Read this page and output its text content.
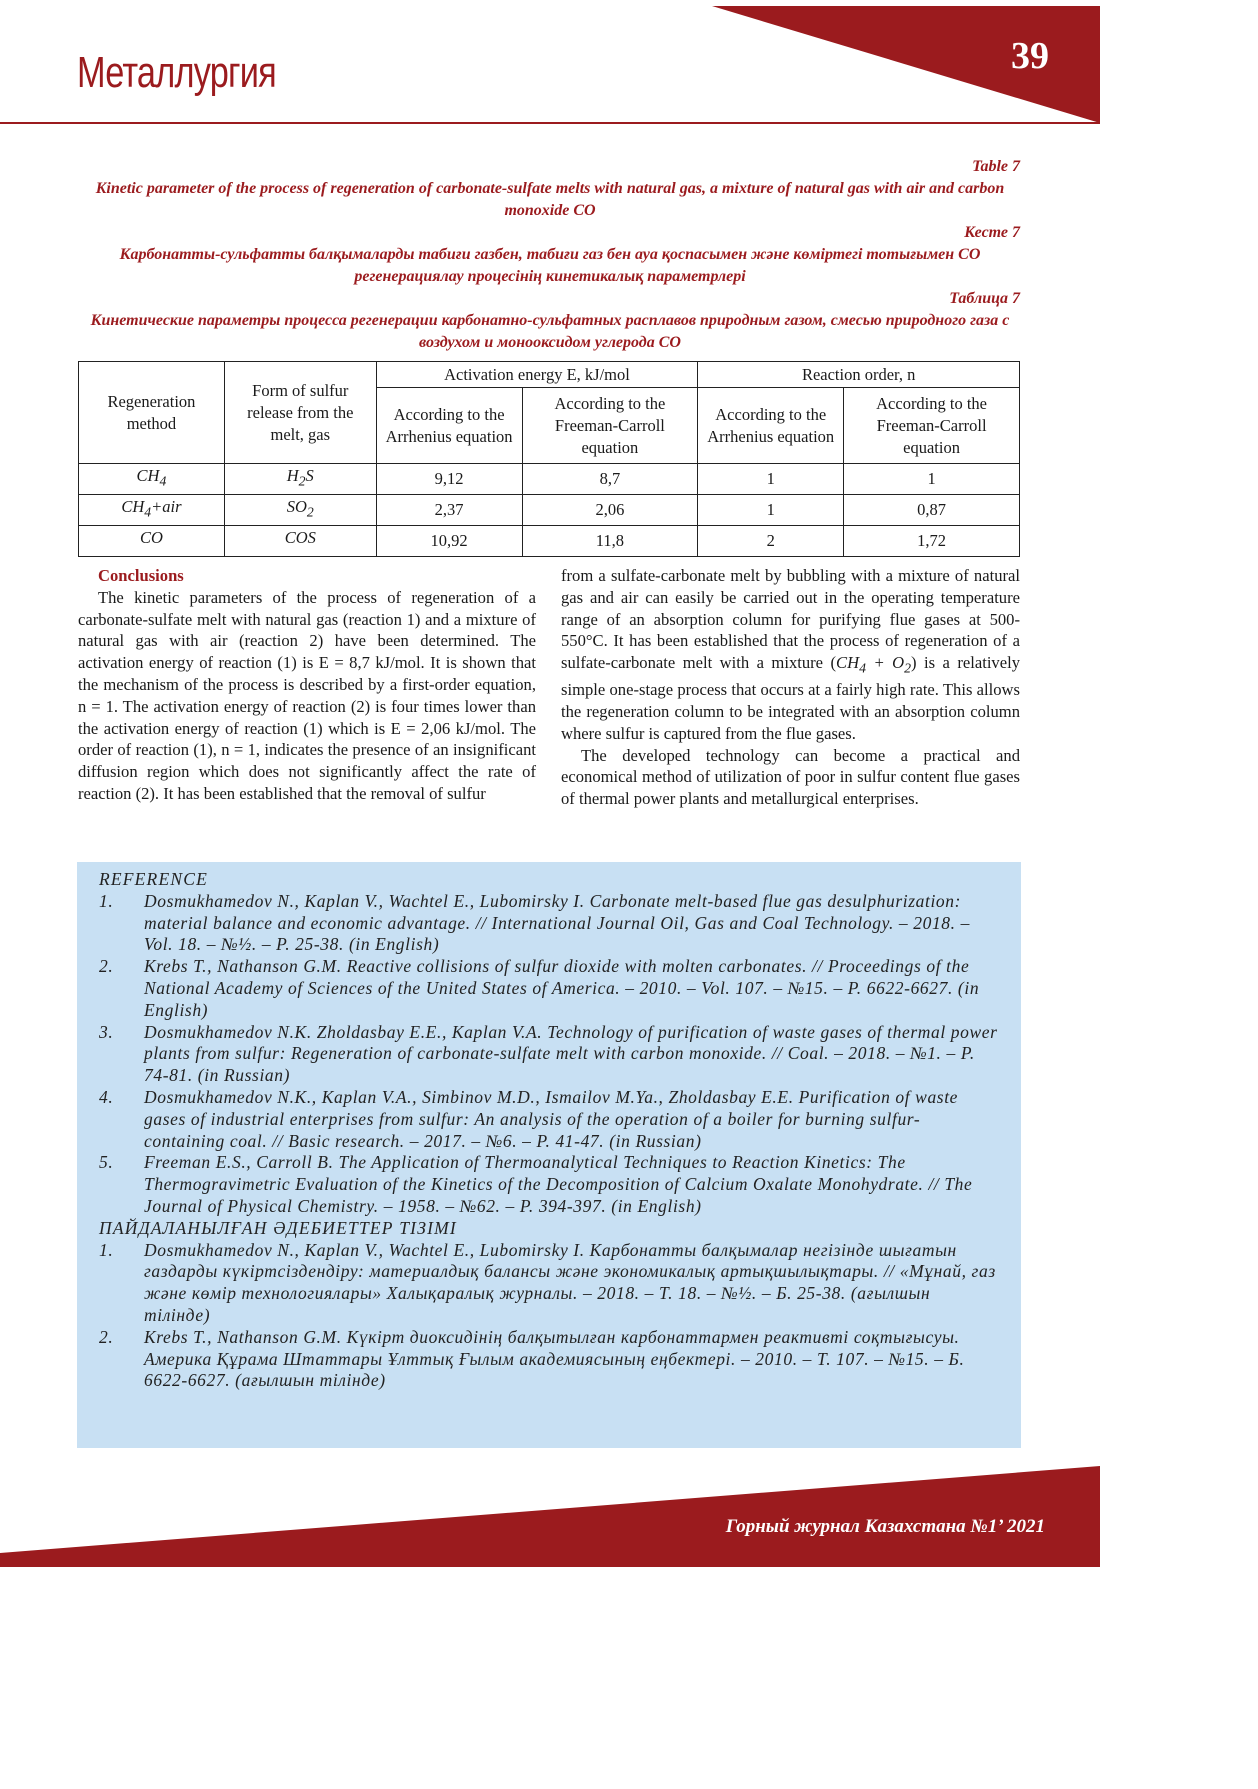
Металлургия	39
Table 7
Kinetic parameter of the process of regeneration of carbonate-sulfate melts with natural gas, a mixture of natural gas with air and carbon monoxide CO
Кесте 7
Карбонатты-сульфатты балқымаларды табиғи газбен, табиғи газ бен ауа қоспасымен және көміртегі тотығымен СО регенерациялау процесінің кинетикалық параметрлері
Таблица 7
Кинетические параметры процесса регенерации карбонатно-сульфатных расплавов природным газом, смесью природного газа с воздухом и монооксидом углерода СО
Regeneration method	Form of sulfur release from the melt, gas	Activation energy E, kJ/mol		Reaction order, n	
		According to the Arrhenius equation	According to the Freeman-Carroll equation	According to the Arrhenius equation	According to the Freeman-Carroll equation
$CH_4$	$H_2S$	9,12	8,7	1	1
$CH_4+air$	$SO_2$	2,37	2,06	1	0,87
CO	COS	10,92	11,8	2	1,72

Conclusions

The kinetic parameters of the process of regeneration of a carbonate-sulfate melt with natural gas (reaction 1) and a mixture of natural gas with air (reaction 2) have been determined. The activation energy of reaction (1) is E = 8,7 kJ/mol. It is shown that the mechanism of the process is described by a first-order equation, n = 1. The activation energy of reaction (2) is four times lower than the activation energy of reaction (1) which is E = 2,06 kJ/mol. The order of reaction (1), n = 1, indicates the presence of an insignificant diffusion region which does not significantly affect the rate of reaction (2). It has been established that the removal of sulfur

from a sulfate-carbonate melt by bubbling with a mixture of natural gas and air can easily be carried out in the operating temperature range of an absorption column for purifying flue gases at 500-550°C. It has been established that the process of regeneration of a sulfate-carbonate melt with a mixture $(CH_4 + O_2)$ is a relatively simple one-stage process that occurs at a fairly high rate. This allows the regeneration column to be integrated with an absorption column where sulfur is captured from the flue gases.

The developed technology can become a practical and economical method of utilization of poor in sulfur content flue gases of thermal power plants and metallurgical enterprises.

REFERENCE
1. Dosmukhamedov N., Kaplan V., Wachtel E., Lubomirsky I. Carbonate melt-based flue gas desulphurization: material balance and economic advantage. // International Journal Oil, Gas and Coal Technology. – 2018. – Vol. 18. – №½. – P. 25-38. (in English)
2. Krebs T., Nathanson G.M. Reactive collisions of sulfur dioxide with molten carbonates. // Proceedings of the National Academy of Sciences of the United States of America. – 2010. – Vol. 107. – №15. – P. 6622-6627. (in English)
3. Dosmukhamedov N.K. Zholdasbay E.E., Kaplan V.A. Technology of purification of waste gases of thermal power plants from sulfur: Regeneration of carbonate-sulfate melt with carbon monoxide. // Coal. – 2018. – №1. – P. 74-81. (in Russian)
4. Dosmukhamedov N.K., Kaplan V.A., Simbinov M.D., Ismailov M.Ya., Zholdasbay E.E. Purification of waste gases of industrial enterprises from sulfur: An analysis of the operation of a boiler for burning sulfur-containing coal. // Basic research. – 2017. – №6. – P. 41-47. (in Russian)
5. Freeman E.S., Carroll B. The Application of Thermoanalytical Techniques to Reaction Kinetics: The Thermogravimetric Evaluation of the Kinetics of the Decomposition of Calcium Oxalate Monohydrate. // The Journal of Physical Chemistry. – 1958. – №62. – P. 394-397. (in English)
ПАЙДАЛАНЫЛҒАН ӘДЕБИЕТТЕР ТІЗІМІ
1. Dosmukhamedov N., Kaplan V., Wachtel E., Lubomirsky I. Карбонатты балқымалар негізінде шығатын газдарды күкіртсіздендіру: материалдық балансы және экономикалық артықшылықтары. // «Мұнай, газ және көмір технологиялары» Халықаралық журналы. – 2018. – Т. 18. – №½. – Б. 25-38. (ағылшын тілінде)
2. Krebs T., Nathanson G.M. Күкірт диоксидінің балқытылған карбонаттармен реактивті соқтығысуы. Америка Құрама Штаттары Ұлттық Ғылым академиясының еңбектері. – 2010. – Т. 107. – №15. – Б. 6622-6627. (ағылшын тілінде)
Горный журнал Казахстана №1’ 2021
